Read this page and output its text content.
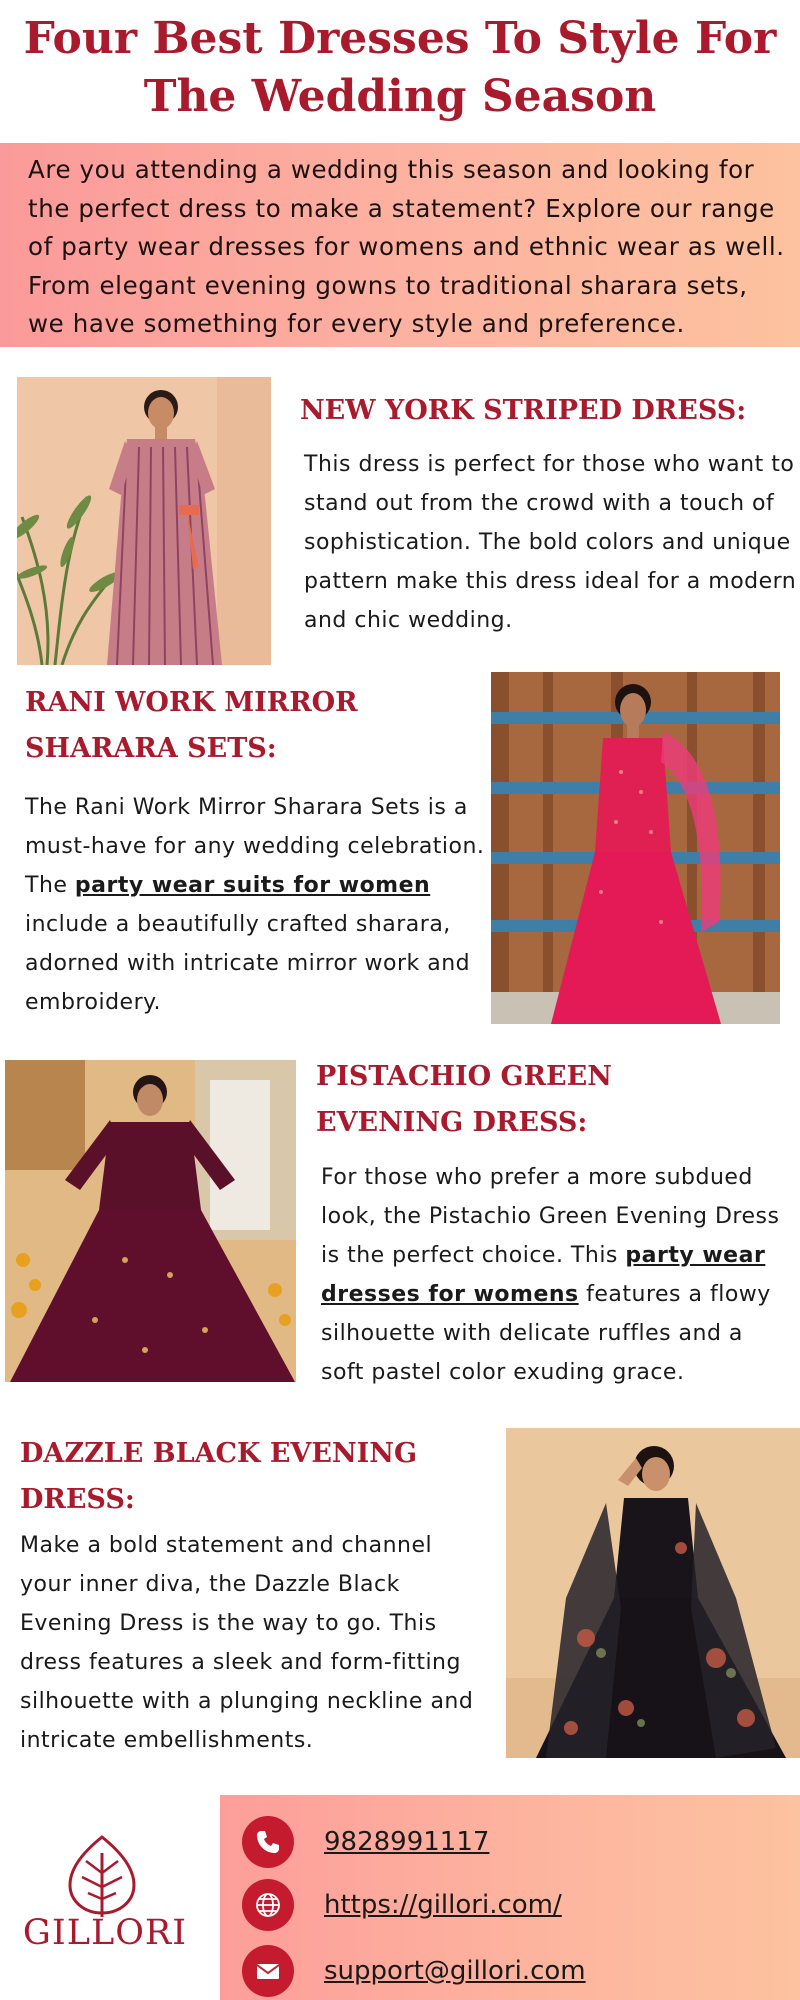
Four Best Dresses To Style For
The Wedding Season

Are you attending a wedding this season and looking for the perfect dress to make a statement? Explore our range of party wear dresses for womens and ethnic wear as well. From elegant evening gowns to traditional sharara sets, we have something for every style and preference.

NEW YORK STRIPED DRESS:

This dress is perfect for those who want to stand out from the crowd with a touch of sophistication. The bold colors and unique pattern make this dress ideal for a modern and chic wedding.

RANI WORK MIRROR
SHARARA SETS:

The Rani Work Mirror Sharara Sets is a must-have for any wedding celebration. The party wear suits for women include a beautifully crafted sharara, adorned with intricate mirror work and embroidery.

PISTACHIO GREEN
EVENING DRESS:

For those who prefer a more subdued look, the Pistachio Green Evening Dress is the perfect choice. This party wear dresses for womens features a flowy silhouette with delicate ruffles and a soft pastel color exuding grace.

DAZZLE BLACK EVENING
DRESS:

Make a bold statement and channel your inner diva, the Dazzle Black Evening Dress is the way to go. This dress features a sleek and form-fitting silhouette with a plunging neckline and intricate embellishments.

GILLORI
9828991117
https://gillori.com/
support@gillori.com
